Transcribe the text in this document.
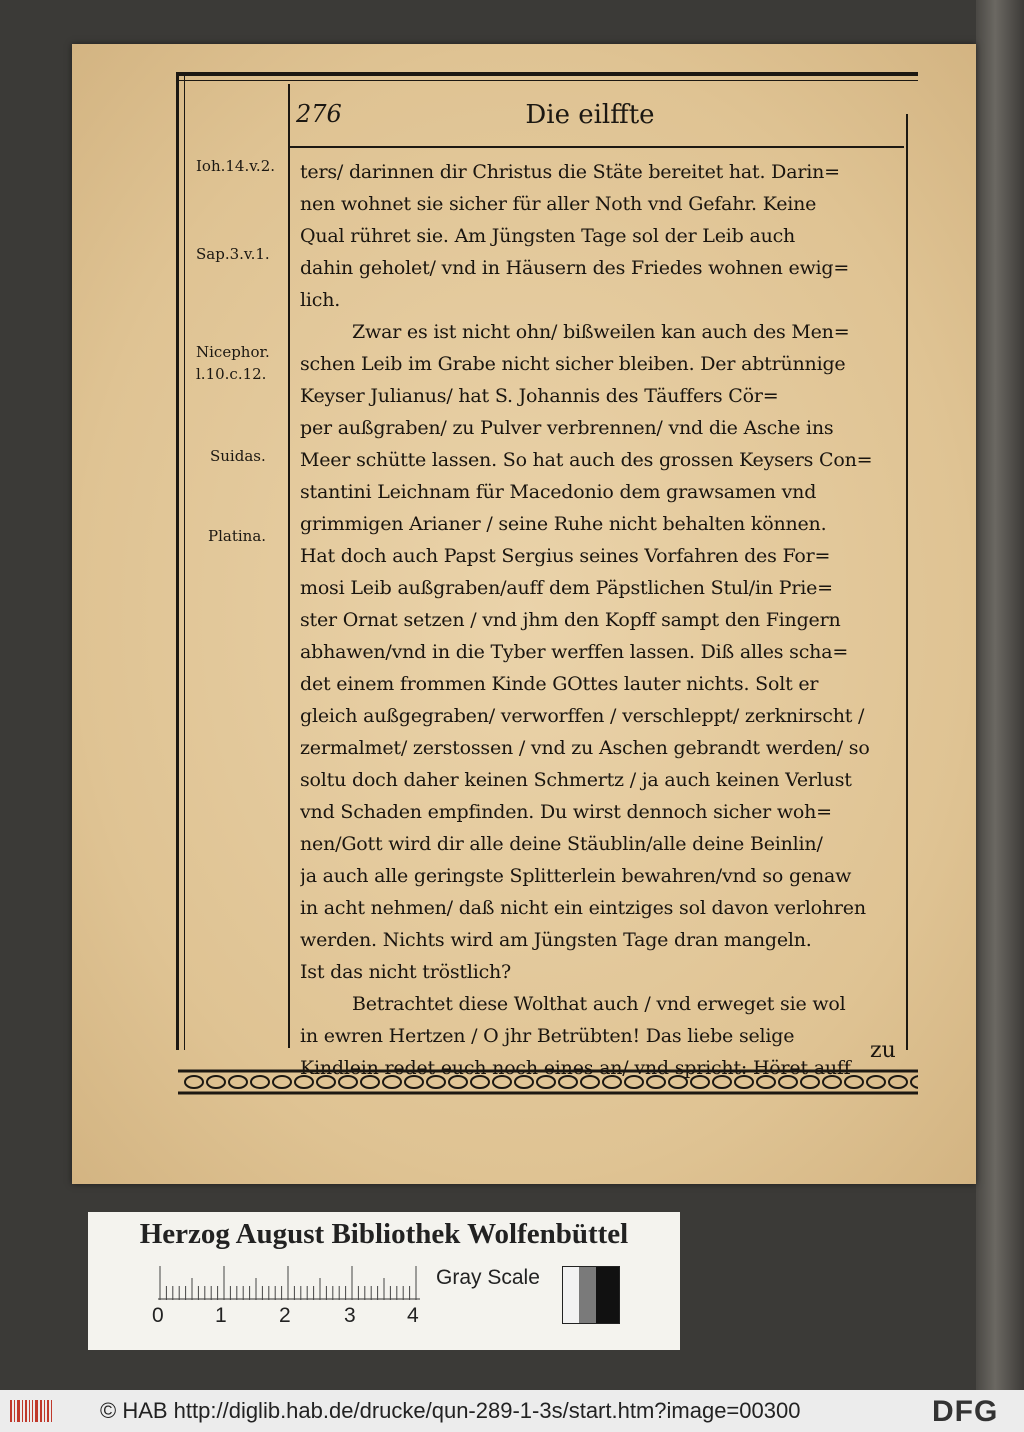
276	Die eilffte
Ioh.14.v.2.
Sap.3.v.1.
Nicephor.
l.10.c.12.
Suidas.
Platina.
ters/ darinnen dir Christus die Stäte bereitet hat. Darin=
nen wohnet sie sicher für aller Noth vnd Gefahr. Keine
Qual rühret sie. Am Jüngsten Tage sol der Leib auch
dahin geholet/ vnd in Häusern des Friedes wohnen ewig=
lich.
Zwar es ist nicht ohn/ bißweilen kan auch des Men=
schen Leib im Grabe nicht sicher bleiben. Der abtrünnige
Keyser Julianus/ hat S. Johannis des Täuffers Cör=
per außgraben/ zu Pulver verbrennen/ vnd die Asche ins
Meer schütte lassen. So hat auch des grossen Keysers Con=
stantini Leichnam für Macedonio dem grawsamen vnd
grimmigen Arianer / seine Ruhe nicht behalten können.
Hat doch auch Papst Sergius seines Vorfahren des For=
mosi Leib außgraben/auff dem Päpstlichen Stul/in Prie=
ster Ornat setzen / vnd jhm den Kopff sampt den Fingern
abhawen/vnd in die Tyber werffen lassen. Diß alles scha=
det einem frommen Kinde GOttes lauter nichts. Solt er
gleich außgegraben/ verworffen / verschleppt/ zerknirscht /
zermalmet/ zerstossen / vnd zu Aschen gebrandt werden/ so
soltu doch daher keinen Schmertz / ja auch keinen Verlust
vnd Schaden empfinden. Du wirst dennoch sicher woh=
nen/Gott wird dir alle deine Stäublin/alle deine Beinlin/
ja auch alle geringste Splitterlein bewahren/vnd so genaw
in acht nehmen/ daß nicht ein eintziges sol davon verlohren
werden. Nichts wird am Jüngsten Tage dran mangeln.
Ist das nicht tröstlich?
Betrachtet diese Wolthat auch / vnd erweget sie wol
in ewren Hertzen / O jhr Betrübten! Das liebe selige
Kindlein redet euch noch eines an/ vnd spricht: Höret auff
zu
Herzog August Bibliothek Wolfenbüttel
0 1 2	3 4
Gray Scale
© HAB http://diglib.hab.de/drucke/qun-289-1-3s/start.htm?image=00300	DFG
